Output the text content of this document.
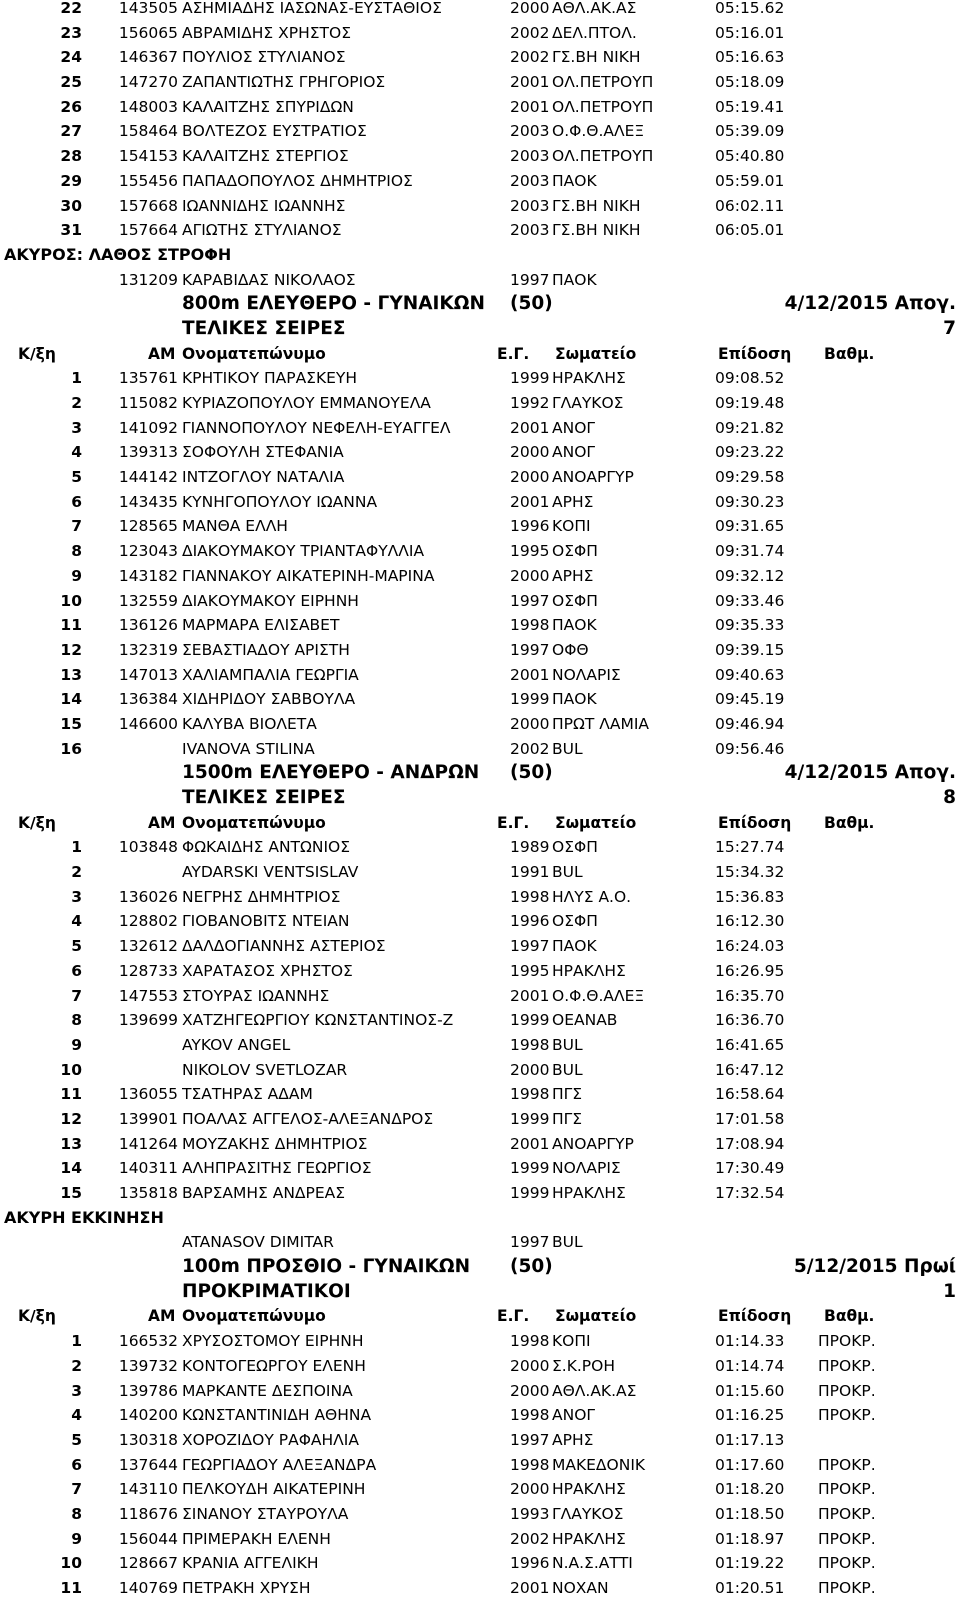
22	143505 ΑΣΗΜΙΑΔΗΣ ΙΑΣΩΝΑΣ-ΕΥΣΤΑΘΙΟΣ	2000 ΑΘΛ.ΑΚ.ΑΣ	05:15.62
23	156065 ΑΒΡΑΜΙΔΗΣ ΧΡΗΣΤΟΣ	2002 ΔΕΛ.ΠΤΟΛ.	05:16.01
24	146367 ΠΟΥΛΙΟΣ ΣΤΥΛΙΑΝΟΣ	2002 ΓΣ.ΒΗ ΝΙΚΗ	05:16.63
25	147270 ΖΑΠΑΝΤΙΩΤΗΣ ΓΡΗΓΟΡΙΟΣ	2001 ΟΛ.ΠΕΤΡΟΥΠ	05:18.09
26	148003 ΚΑΛΑΙΤΖΗΣ ΣΠΥΡΙΔΩΝ	2001 ΟΛ.ΠΕΤΡΟΥΠ	05:19.41
27	158464 ΒΟΛΤΕΖΟΣ ΕΥΣΤΡΑΤΙΟΣ	2003 Ο.Φ.Θ.ΑΛΕΞ	05:39.09
28	154153 ΚΑΛΑΙΤΖΗΣ ΣΤΕΡΓΙΟΣ	2003 ΟΛ.ΠΕΤΡΟΥΠ	05:40.80
29	155456 ΠΑΠΑΔΟΠΟΥΛΟΣ ΔΗΜΗΤΡΙΟΣ	2003 ΠΑΟΚ	05:59.01
30	157668 ΙΩΑΝΝΙΔΗΣ ΙΩΑΝΝΗΣ	2003 ΓΣ.ΒΗ ΝΙΚΗ	06:02.11
31	157664 ΑΓΙΩΤΗΣ ΣΤΥΛΙΑΝΟΣ	2003 ΓΣ.ΒΗ ΝΙΚΗ	06:05.01
ΑΚΥΡΟΣ: ΛΑΘΟΣ ΣΤΡΟΦΗ
131209 ΚΑΡΑΒΙΔΑΣ ΝΙΚΟΛΑΟΣ	1997 ΠΑΟΚ
800m ΕΛΕΥΘΕΡΟ - ΓΥΝΑΙΚΩΝ (50)	4/12/2015 Απογ.
ΤΕΛΙΚΕΣ ΣΕΙΡΕΣ	7
Κ/ξη	ΑΜ Ονοματεπώνυμο	Ε.Γ. Σωματείο	Επίδοση Βαθμ.
1	135761 ΚΡΗΤΙΚΟΥ ΠΑΡΑΣΚΕΥΗ	1999 ΗΡΑΚΛΗΣ	09:08.52
2	115082 ΚΥΡΙΑΖΟΠΟΥΛΟΥ ΕΜΜΑΝΟΥΕΛΑ	1992 ΓΛΑΥΚΟΣ	09:19.48
3	141092 ΓΙΑΝΝΟΠΟΥΛΟΥ ΝΕΦΕΛΗ-ΕΥΑΓΓΕΛ	2001 ΑΝΟΓ	09:21.82
4	139313 ΣΟΦΟΥΛΗ ΣΤΕΦΑΝΙΑ	2000 ΑΝΟΓ	09:23.22
5	144142 ΙΝΤΖΟΓΛΟΥ ΝΑΤΑΛΙΑ	2000 ΑΝΟΑΡΓΥΡ	09:29.58
6	143435 ΚΥΝΗΓΟΠΟΥΛΟΥ ΙΩΑΝΝΑ	2001 ΑΡΗΣ	09:30.23
7	128565 ΜΑΝΘΑ ΕΛΛΗ	1996 ΚΟΠΙ	09:31.65
8	123043 ΔΙΑΚΟΥΜΑΚΟΥ ΤΡΙΑΝΤΑΦΥΛΛΙΑ	1995 ΟΣΦΠ	09:31.74
9	143182 ΓΙΑΝΝΑΚΟΥ ΑΙΚΑΤΕΡΙΝΗ-ΜΑΡΙΝΑ	2000 ΑΡΗΣ	09:32.12
10	132559 ΔΙΑΚΟΥΜΑΚΟΥ ΕΙΡΗΝΗ	1997 ΟΣΦΠ	09:33.46
11	136126 ΜΑΡΜΑΡΑ ΕΛΙΣΑΒΕΤ	1998 ΠΑΟΚ	09:35.33
12	132319 ΣΕΒΑΣΤΙΑΔΟΥ ΑΡΙΣΤΗ	1997 ΟΦΘ	09:39.15
13	147013 ΧΑΛΙΑΜΠΑΛΙΑ ΓΕΩΡΓΙΑ	2001 ΝΟΛΑΡΙΣ	09:40.63
14	136384 ΧΙΔΗΡΙΔΟΥ ΣΑΒΒΟΥΛΑ	1999 ΠΑΟΚ	09:45.19
15	146600 ΚΑΛΥΒΑ ΒΙΟΛΕΤΑ	2000 ΠΡΩΤ ΛΑΜΙΑ	09:46.94
16	IVANOVA STILINA	2002 BUL	09:56.46
1500m ΕΛΕΥΘΕΡΟ - ΑΝΔΡΩΝ (50)	4/12/2015 Απογ.
ΤΕΛΙΚΕΣ ΣΕΙΡΕΣ	8
Κ/ξη	ΑΜ Ονοματεπώνυμο	Ε.Γ. Σωματείο	Επίδοση Βαθμ.
1	103848 ΦΩΚΑΙΔΗΣ ΑΝΤΩΝΙΟΣ	1989 ΟΣΦΠ	15:27.74
2	AYDARSKI VENTSISLAV	1991 BUL	15:34.32
3	136026 ΝΕΓΡΗΣ ΔΗΜΗΤΡΙΟΣ	1998 ΗΛΥΣ Α.Ο.	15:36.83
4	128802 ΓΙΟΒΑΝΟΒΙΤΣ ΝΤΕΙΑΝ	1996 ΟΣΦΠ	16:12.30
5	132612 ΔΑΛΔΟΓΙΑΝΝΗΣ ΑΣΤΕΡΙΟΣ	1997 ΠΑΟΚ	16:24.03
6	128733 ΧΑΡΑΤΑΣΟΣ ΧΡΗΣΤΟΣ	1995 ΗΡΑΚΛΗΣ	16:26.95
7	147553 ΣΤΟΥΡΑΣ ΙΩΑΝΝΗΣ	2001 Ο.Φ.Θ.ΑΛΕΞ	16:35.70
8	139699 ΧΑΤΖΗΓΕΩΡΓΙΟΥ ΚΩΝΣΤΑΝΤΙΝΟΣ-Ζ	1999 ΟΕΑΝΑΒ	16:36.70
9	AYKOV ANGEL	1998 BUL	16:41.65
10	NIKOLOV SVETLOZAR	2000 BUL	16:47.12
11	136055 ΤΣΑΤΗΡΑΣ ΑΔΑΜ	1998 ΠΓΣ	16:58.64
12	139901 ΠΟΑΛΑΣ ΑΓΓΕΛΟΣ-ΑΛΕΞΑΝΔΡΟΣ	1999 ΠΓΣ	17:01.58
13	141264 ΜΟΥΖΑΚΗΣ ΔΗΜΗΤΡΙΟΣ	2001 ΑΝΟΑΡΓΥΡ	17:08.94
14	140311 ΑΛΗΠΡΑΣΙΤΗΣ ΓΕΩΡΓΙΟΣ	1999 ΝΟΛΑΡΙΣ	17:30.49
15	135818 ΒΑΡΣΑΜΗΣ ΑΝΔΡΕΑΣ	1999 ΗΡΑΚΛΗΣ	17:32.54
ΑΚΥΡΗ ΕΚΚΙΝΗΣΗ
ATANASOV DIMITAR	1997 BUL
100m ΠΡΟΣΘΙΟ - ΓΥΝΑΙΚΩΝ (50)	5/12/2015 Πρωί
ΠΡΟΚΡΙΜΑΤΙΚΟΙ	1
Κ/ξη	ΑΜ Ονοματεπώνυμο	Ε.Γ. Σωματείο	Επίδοση Βαθμ.
1	166532 ΧΡΥΣΟΣΤΟΜΟΥ ΕΙΡΗΝΗ	1998 ΚΟΠΙ	01:14.33 ΠΡΟΚΡ.
2	139732 ΚΟΝΤΟΓΕΩΡΓΟΥ ΕΛΕΝΗ	2000 Σ.Κ.ΡΟΗ	01:14.74 ΠΡΟΚΡ.
3	139786 ΜΑΡΚΑΝΤΕ ΔΕΣΠΟΙΝΑ	2000 ΑΘΛ.ΑΚ.ΑΣ	01:15.60 ΠΡΟΚΡ.
4	140200 ΚΩΝΣΤΑΝΤΙΝΙΔΗ ΑΘΗΝΑ	1998 ΑΝΟΓ	01:16.25 ΠΡΟΚΡ.
5	130318 ΧΟΡΟΖΙΔΟΥ ΡΑΦΑΗΛΙΑ	1997 ΑΡΗΣ	01:17.13
6	137644 ΓΕΩΡΓΙΑΔΟΥ ΑΛΕΞΑΝΔΡΑ	1998 ΜΑΚΕΔΟΝΙΚ	01:17.60 ΠΡΟΚΡ.
7	143110 ΠΕΛΚΟΥΔΗ ΑΙΚΑΤΕΡΙΝΗ	2000 ΗΡΑΚΛΗΣ	01:18.20 ΠΡΟΚΡ.
8	118676 ΣΙΝΑΝΟΥ ΣΤΑΥΡΟΥΛΑ	1993 ΓΛΑΥΚΟΣ	01:18.50 ΠΡΟΚΡ.
9	156044 ΠΡΙΜΕΡΑΚΗ ΕΛΕΝΗ	2002 ΗΡΑΚΛΗΣ	01:18.97 ΠΡΟΚΡ.
10	128667 ΚΡΑΝΙΑ ΑΓΓΕΛΙΚΗ	1996 Ν.Α.Σ.ΑΤΤΙ	01:19.22 ΠΡΟΚΡ.
11	140769 ΠΕΤΡΑΚΗ ΧΡΥΣΗ	2001 ΝΟΧΑΝ	01:20.51 ΠΡΟΚΡ.
